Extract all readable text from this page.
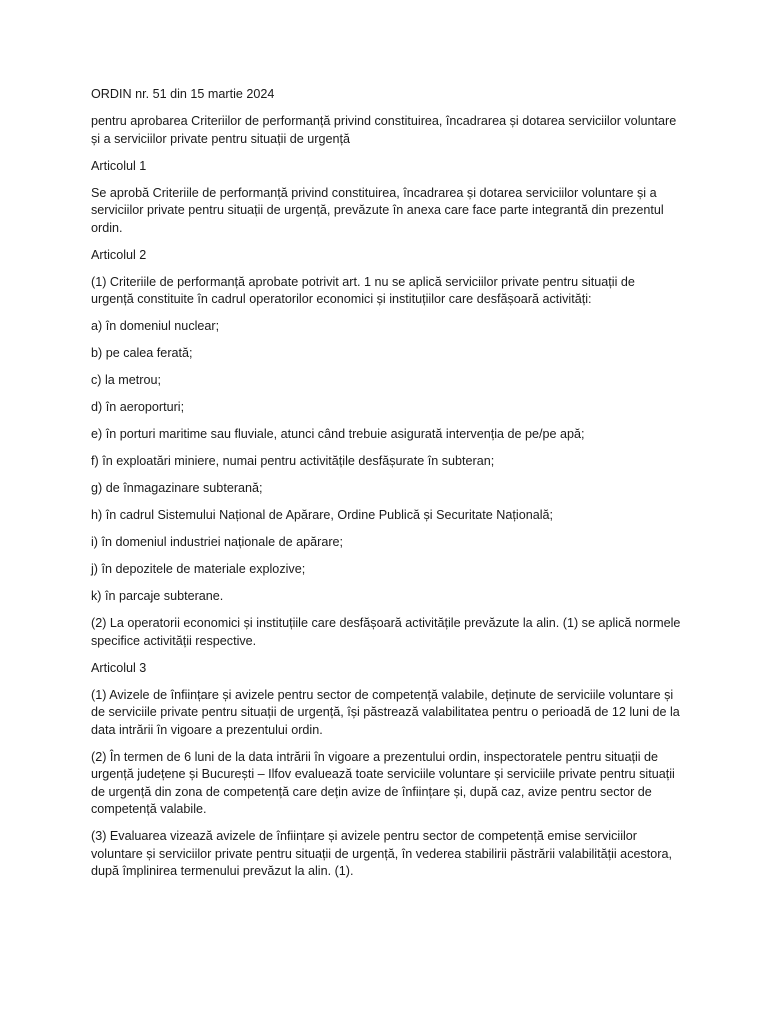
ORDIN nr. 51 din 15 martie 2024

pentru aprobarea Criteriilor de performanță privind constituirea, încadrarea și dotarea serviciilor voluntare și a serviciilor private pentru situații de urgență

Articolul 1

Se aprobă Criteriile de performanță privind constituirea, încadrarea și dotarea serviciilor voluntare și a serviciilor private pentru situații de urgență, prevăzute în anexa care face parte integrantă din prezentul ordin.

Articolul 2

(1) Criteriile de performanță aprobate potrivit art. 1 nu se aplică serviciilor private pentru situații de urgență constituite în cadrul operatorilor economici și instituțiilor care desfășoară activități:

a) în domeniul nuclear;

b) pe calea ferată;

c) la metrou;

d) în aeroporturi;

e) în porturi maritime sau fluviale, atunci când trebuie asigurată intervenția de pe/pe apă;

f) în exploatări miniere, numai pentru activitățile desfășurate în subteran;

g) de înmagazinare subterană;

h) în cadrul Sistemului Național de Apărare, Ordine Publică și Securitate Națională;

i) în domeniul industriei naționale de apărare;

j) în depozitele de materiale explozive;

k) în parcaje subterane.

(2) La operatorii economici și instituțiile care desfășoară activitățile prevăzute la alin. (1) se aplică normele specifice activității respective.

Articolul 3

(1) Avizele de înființare și avizele pentru sector de competență valabile, deținute de serviciile voluntare și de serviciile private pentru situații de urgență, își păstrează valabilitatea pentru o perioadă de 12 luni de la data intrării în vigoare a prezentului ordin.

(2) În termen de 6 luni de la data intrării în vigoare a prezentului ordin, inspectoratele pentru situații de urgență județene și București – Ilfov evaluează toate serviciile voluntare și serviciile private pentru situații de urgență din zona de competență care dețin avize de înființare și, după caz, avize pentru sector de competență valabile.

(3) Evaluarea vizează avizele de înființare și avizele pentru sector de competență emise serviciilor voluntare și serviciilor private pentru situații de urgență, în vederea stabilirii păstrării valabilității acestora, după împlinirea termenului prevăzut la alin. (1).
